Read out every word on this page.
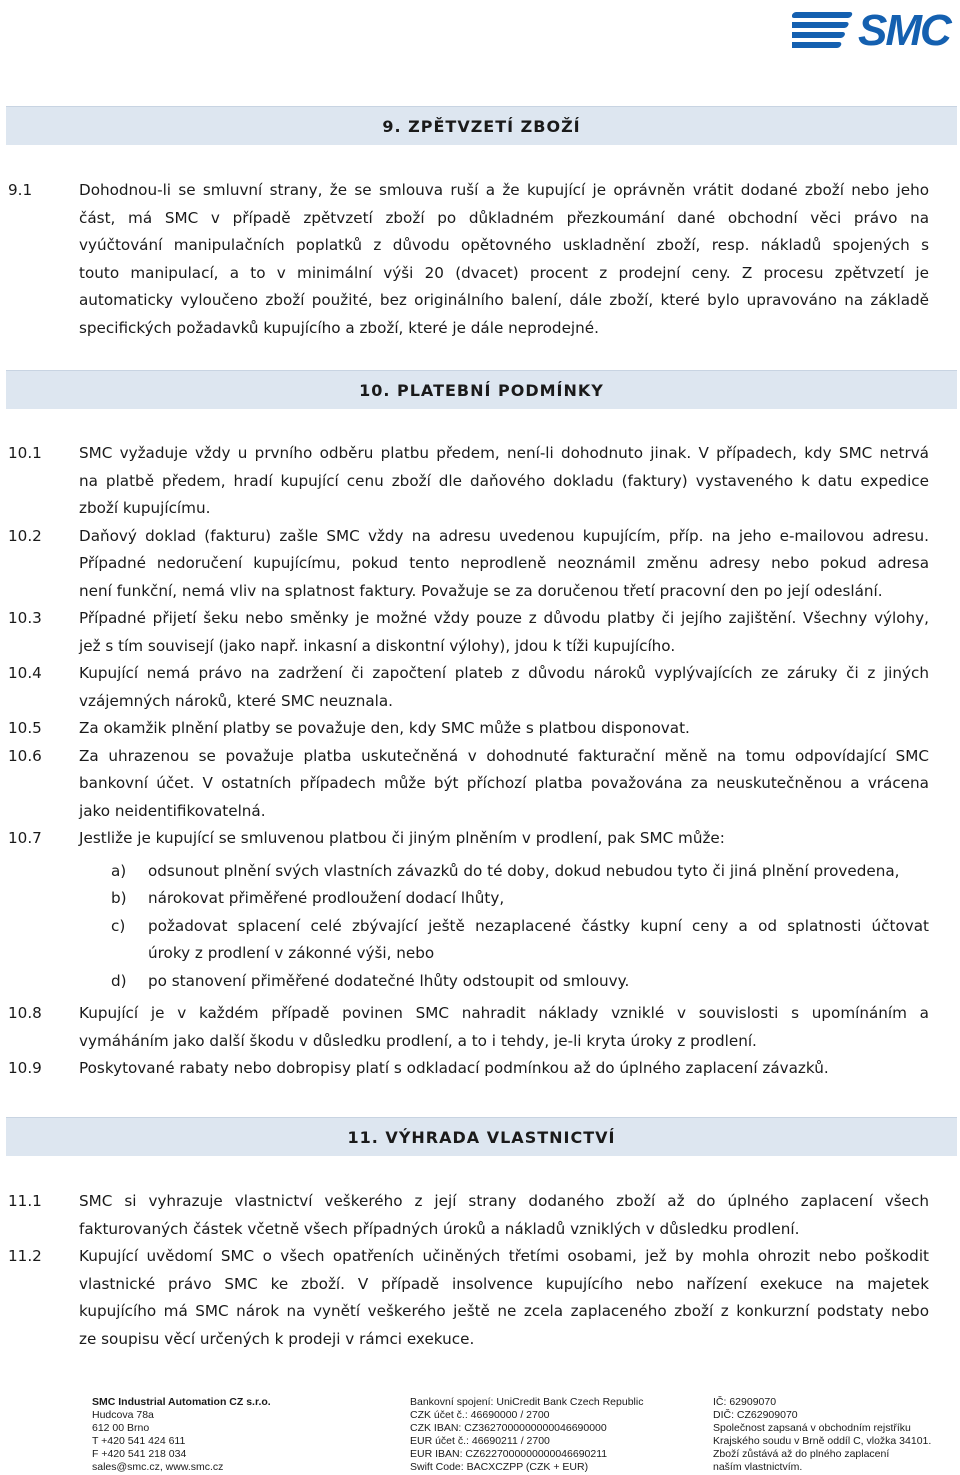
SMC
9. ZPĚTVZETÍ ZBOŽÍ
9.1	Dohodnou-li se smluvní strany, že se smlouva ruší a že kupující je oprávněn vrátit dodané zboží nebo jeho
část, má SMC v případě zpětvzetí zboží po důkladném přezkoumání dané obchodní věci právo na
vyúčtování manipulačních poplatků z důvodu opětovného uskladnění zboží, resp. nákladů spojených s
touto manipulací, a to v minimální výši 20 (dvacet) procent z prodejní ceny. Z procesu zpětvzetí je
automaticky vyloučeno zboží použité, bez originálního balení, dále zboží, které bylo upravováno na základě
specifických požadavků kupujícího a zboží, které je dále neprodejné.
10. PLATEBNÍ PODMÍNKY
10.1 SMC vyžaduje vždy u prvního odběru platbu předem, není-li dohodnuto jinak. V případech, kdy SMC netrvá
na platbě předem, hradí kupující cenu zboží dle daňového dokladu (faktury) vystaveného k datu expedice
zboží kupujícímu.
10.2 Daňový doklad (fakturu) zašle SMC vždy na adresu uvedenou kupujícím, příp. na jeho e-mailovou adresu.
Případné nedoručení kupujícímu, pokud tento neprodleně neoznámil změnu adresy nebo pokud adresa
není funkční, nemá vliv na splatnost faktury. Považuje se za doručenou třetí pracovní den po její odeslání.
10.3 Případné přijetí šeku nebo směnky je možné vždy pouze z důvodu platby či jejího zajištění. Všechny výlohy,
jež s tím souvisejí (jako např. inkasní a diskontní výlohy), jdou k tíži kupujícího.
10.4 Kupující nemá právo na zadržení či započtení plateb z důvodu nároků vyplývajících ze záruky či z jiných
vzájemných nároků, které SMC neuznala.
10.5 Za okamžik plnění platby se považuje den, kdy SMC může s platbou disponovat.
10.6 Za uhrazenou se považuje platba uskutečněná v dohodnuté fakturační měně na tomu odpovídající SMC
bankovní účet. V ostatních případech může být příchozí platba považována za neuskutečněnou a vrácena
jako neidentifikovatelná.
10.7 Jestliže je kupující se smluvenou platbou či jiným plněním v prodlení, pak SMC může:
a) odsunout plnění svých vlastních závazků do té doby, dokud nebudou tyto či jiná plnění provedena,
b) nárokovat přiměřené prodloužení dodací lhůty,
c) požadovat splacení celé zbývající ještě nezaplacené částky kupní ceny a od splatnosti účtovat
úroky z prodlení v zákonné výši, nebo
d) po stanovení přiměřené dodatečné lhůty odstoupit od smlouvy.
10.8 Kupující je v každém případě povinen SMC nahradit náklady vzniklé v souvislosti s upomínáním a
vymáháním jako další škodu v důsledku prodlení, a to i tehdy, je-li kryta úroky z prodlení.
10.9 Poskytované rabaty nebo dobropisy platí s odkladací podmínkou až do úplného zaplacení závazků.
11. VÝHRADA VLASTNICTVÍ
11.1 SMC si vyhrazuje vlastnictví veškerého z její strany dodaného zboží až do úplného zaplacení všech
fakturovaných částek včetně všech případných úroků a nákladů vzniklých v důsledku prodlení.
11.2 Kupující uvědomí SMC o všech opatřeních učiněných třetími osobami, jež by mohla ohrozit nebo poškodit
vlastnické právo SMC ke zboží. V případě insolvence kupujícího nebo nařízení exekuce na majetek
kupujícího má SMC nárok na vynětí veškerého ještě ne zcela zaplaceného zboží z konkurzní podstaty nebo
ze soupisu věcí určených k prodeji v rámci exekuce.
SMC Industrial Automation CZ s.r.o.
Hudcova 78a
612 00 Brno
T +420 541 424 611
F +420 541 218 034
sales@smc.cz, www.smc.cz
Bankovní spojení: UniCredit Bank Czech Republic
CZK účet č.: 46690000 / 2700
CZK IBAN: CZ3627000000000046690000
EUR účet č.: 46690211 / 2700
EUR IBAN: CZ6227000000000046690211
Swift Code: BACXCZPP (CZK + EUR)
IČ: 62909070
DIČ: CZ62909070
Společnost zapsaná v obchodním rejstříku
Krajského soudu v Brně oddíl C, vložka 34101.
Zboží zůstává až do plného zaplacení
naším vlastnictvím.
